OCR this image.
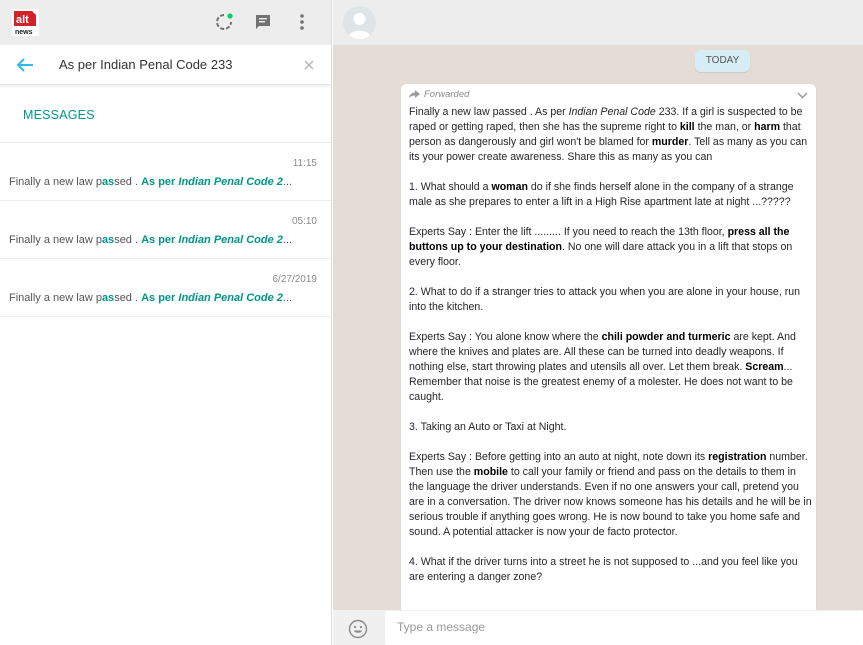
alt
news
As per Indian Penal Code 233
MESSAGES
11:15
Finally a new law passed . As per Indian Penal Code 2...
05:10
Finally a new law passed . As per Indian Penal Code 2...
6/27/2019
Finally a new law passed . As per Indian Penal Code 2...
TODAY
Forwarded

Finally a new law passed . As per Indian Penal Code 233. If a girl is suspected to be raped or getting raped, then she has the supreme right to kill the man, or harm that person as dangerously and girl won't be blamed for murder. Tell as many as you can its your power create awareness. Share this as many as you can

1. What should a woman do if she finds herself alone in the company of a strange male as she prepares to enter a lift in a High Rise apartment late at night ...?????

Experts Say : Enter the lift ......... If you need to reach the 13th floor, press all the buttons up to your destination. No one will dare attack you in a lift that stops on every floor.

2. What to do if a stranger tries to attack you when you are alone in your house, run into the kitchen.

Experts Say : You alone know where the chili powder and turmeric are kept. And where the knives and plates are. All these can be turned into deadly weapons. If nothing else, start throwing plates and utensils all over. Let them break. Scream... Remember that noise is the greatest enemy of a molester. He does not want to be caught.

3. Taking an Auto or Taxi at Night.

Experts Say : Before getting into an auto at night, note down its registration number. Then use the mobile to call your family or friend and pass on the details to them in the language the driver understands. Even if no one answers your call, pretend you are in a conversation. The driver now knows someone has his details and he will be in serious trouble if anything goes wrong. He is now bound to take you home safe and sound. A potential attacker is now your de facto protector.

4. What if the driver turns into a street he is not supposed to ...and you feel like you are entering a danger zone?

Type a message
